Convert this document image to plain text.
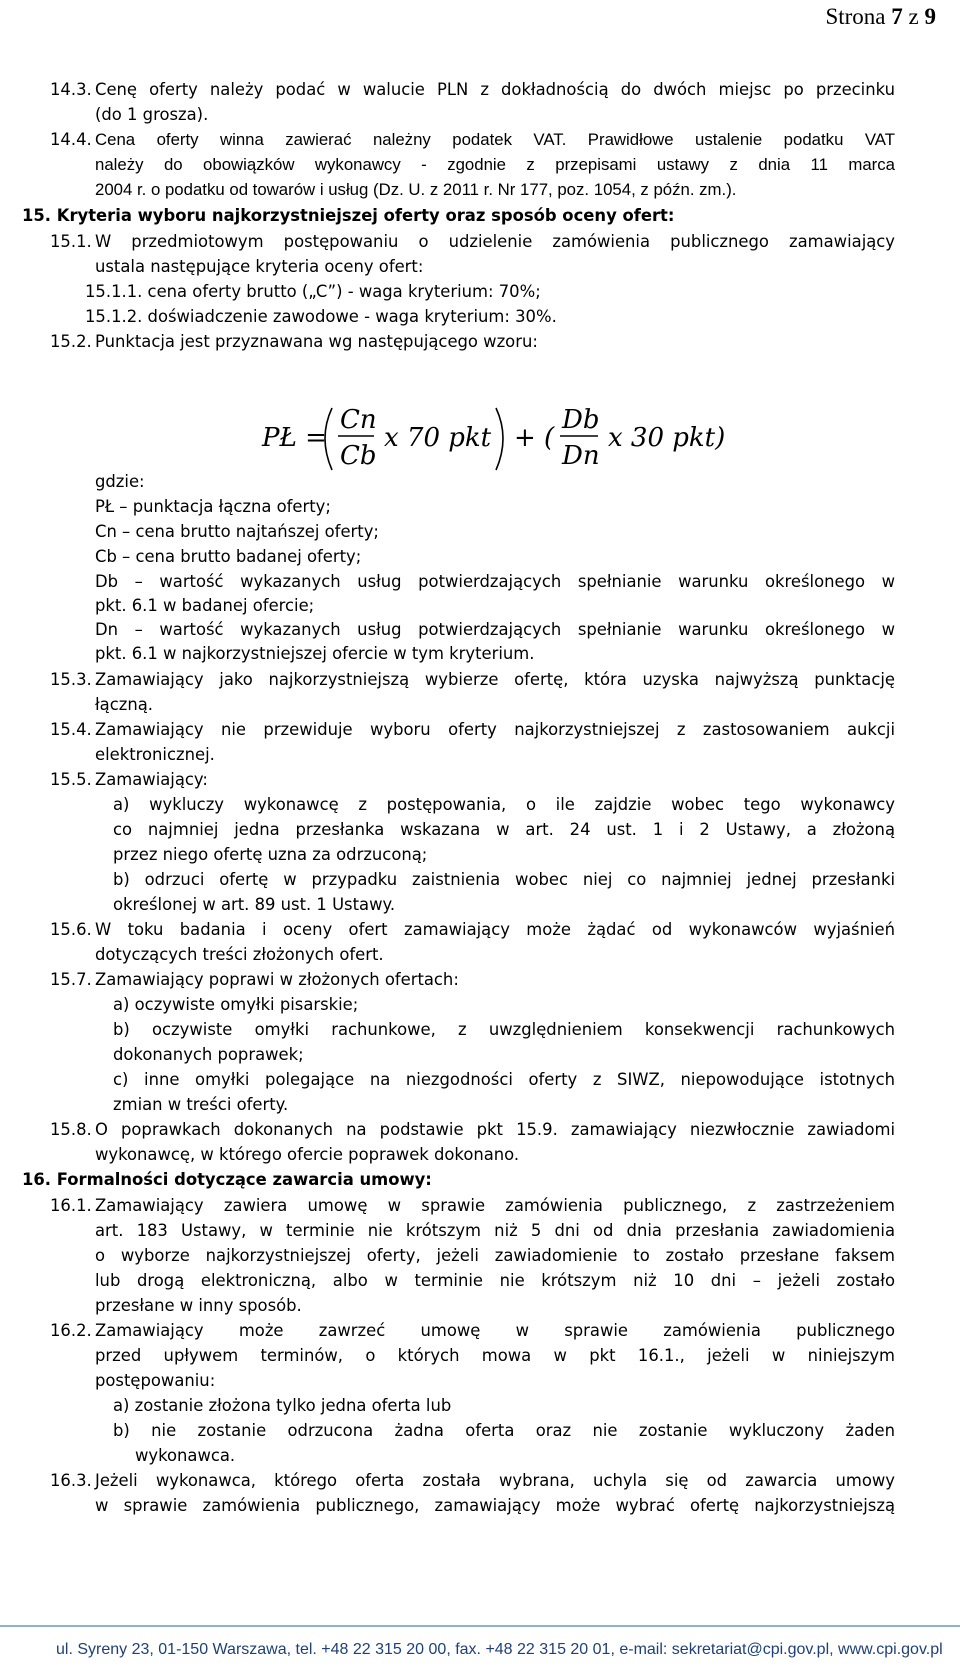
Strona 7 z 9
14.3. Cenę oferty należy podać w walucie PLN z dokładnością do dwóch miejsc po przecinku
(do 1 grosza).
14.4. Cena oferty winna zawierać należny podatek VAT. Prawidłowe ustalenie podatku VAT
należy do obowiązków wykonawcy - zgodnie z przepisami ustawy z dnia 11 marca
2004 r. o podatku od towarów i usług (Dz. U. z 2011 r. Nr 177, poz. 1054, z późn. zm.).
15. Kryteria wyboru najkorzystniejszej oferty oraz sposób oceny ofert:
15.1. W przedmiotowym postępowaniu o udzielenie zamówienia publicznego zamawiający
ustala następujące kryteria oceny ofert:
15.1.1. cena oferty brutto („C”) - waga kryterium: 70%;
15.1.2. doświadczenie zawodowe - waga kryterium: 30%.
15.2. Punktacja jest przyznawana wg następującego wzoru:
PŁ =
Cn
Cb
x 70 pkt + (
Db
Dn
x 30 pkt)
gdzie:
PŁ – punktacja łączna oferty;
Cn – cena brutto najtańszej oferty;
Cb – cena brutto badanej oferty;
Db – wartość wykazanych usług potwierdzających spełnianie warunku określonego w
pkt. 6.1 w badanej ofercie;
Dn – wartość wykazanych usług potwierdzających spełnianie warunku określonego w
pkt. 6.1 w najkorzystniejszej ofercie w tym kryterium.
15.3. Zamawiający jako najkorzystniejszą wybierze ofertę, która uzyska najwyższą punktację
łączną.
15.4. Zamawiający nie przewiduje wyboru oferty najkorzystniejszej z zastosowaniem aukcji
elektronicznej.
15.5. Zamawiający:
a) wykluczy wykonawcę z postępowania, o ile zajdzie wobec tego wykonawcy
co najmniej jedna przesłanka wskazana w art. 24 ust. 1 i 2 Ustawy, a złożoną
przez niego ofertę uzna za odrzuconą;
b) odrzuci ofertę w przypadku zaistnienia wobec niej co najmniej jednej przesłanki
określonej w art. 89 ust. 1 Ustawy.
15.6. W toku badania i oceny ofert zamawiający może żądać od wykonawców wyjaśnień
dotyczących treści złożonych ofert.
15.7. Zamawiający poprawi w złożonych ofertach:
a) oczywiste omyłki pisarskie;
b) oczywiste omyłki rachunkowe, z uwzględnieniem konsekwencji rachunkowych
dokonanych poprawek;
c) inne omyłki polegające na niezgodności oferty z SIWZ, niepowodujące istotnych
zmian w treści oferty.
15.8. O poprawkach dokonanych na podstawie pkt 15.9. zamawiający niezwłocznie zawiadomi
wykonawcę, w którego ofercie poprawek dokonano.
16. Formalności dotyczące zawarcia umowy:
16.1. Zamawiający zawiera umowę w sprawie zamówienia publicznego, z zastrzeżeniem
art. 183 Ustawy, w terminie nie krótszym niż 5 dni od dnia przesłania zawiadomienia
o wyborze najkorzystniejszej oferty, jeżeli zawiadomienie to zostało przesłane faksem
lub drogą elektroniczną, albo w terminie nie krótszym niż 10 dni – jeżeli zostało
przesłane w inny sposób.
16.2. Zamawiający może zawrzeć umowę w sprawie zamówienia publicznego
przed upływem terminów, o których mowa w pkt 16.1., jeżeli w niniejszym
postępowaniu:
a) zostanie złożona tylko jedna oferta lub
b) nie zostanie odrzucona żadna oferta oraz nie zostanie wykluczony żaden
wykonawca.
16.3. Jeżeli wykonawca, którego oferta została wybrana, uchyla się od zawarcia umowy
w sprawie zamówienia publicznego, zamawiający może wybrać ofertę najkorzystniejszą
ul. Syreny 23, 01-150 Warszawa, tel. +48 22 315 20 00, fax. +48 22 315 20 01, e-mail: sekretariat@cpi.gov.pl, www.cpi.gov.pl
